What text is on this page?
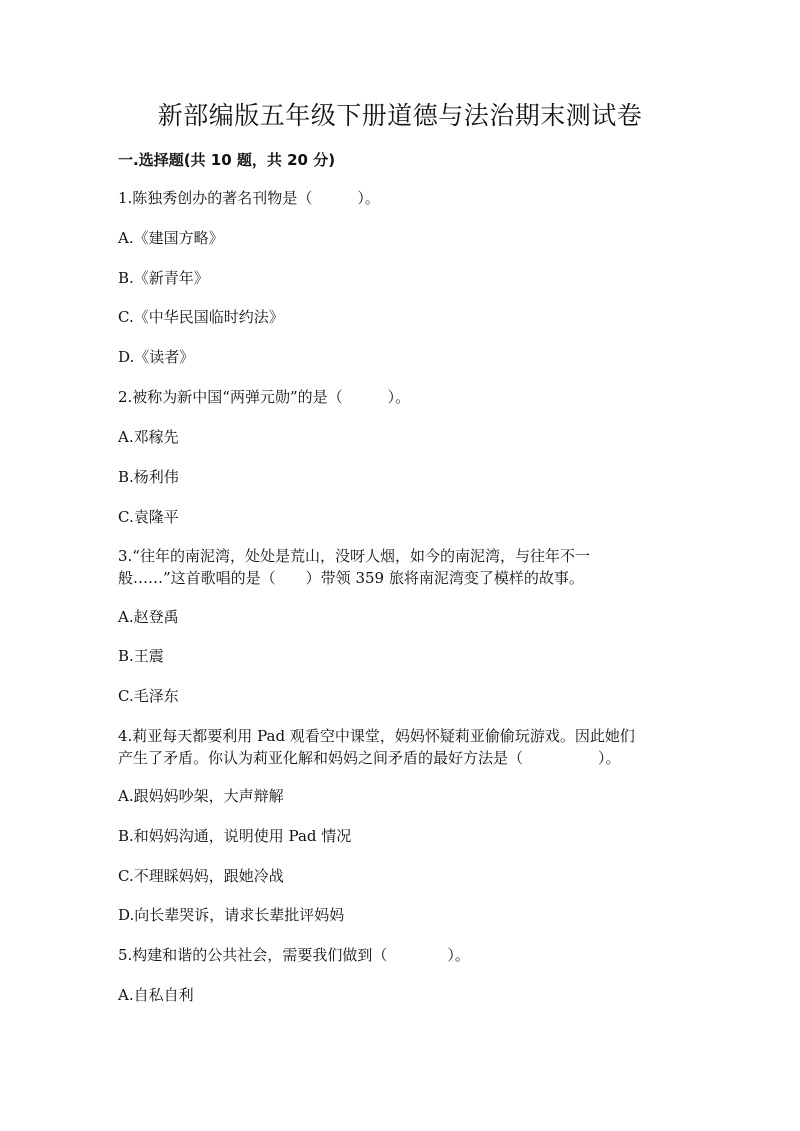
新部编版五年级下册道德与法治期末测试卷
一.选择题(共 10 题，共 20 分)
1.陈独秀创办的著名刊物是（　　　）。
A.《建国方略》
B.《新青年》
C.《中华民国临时约法》
D.《读者》
2.被称为新中国“两弹元勋”的是（　　　）。
A.邓稼先
B.杨利伟
C.袁隆平
3.“往年的南泥湾，处处是荒山，没呀人烟，如今的南泥湾，与往年不一
般……”这首歌唱的是（　　）带领 359 旅将南泥湾变了模样的故事。
A.赵登禹
B.王震
C.毛泽东
4.莉亚每天都要利用 Pad 观看空中课堂，妈妈怀疑莉亚偷偷玩游戏。因此她们
产生了矛盾。你认为莉亚化解和妈妈之间矛盾的最好方法是（　　　　　）。
A.跟妈妈吵架，大声辩解
B.和妈妈沟通，说明使用 Pad 情况
C.不理睬妈妈，跟她冷战
D.向长辈哭诉，请求长辈批评妈妈
5.构建和谐的公共社会，需要我们做到（　　　　）。
A.自私自利
